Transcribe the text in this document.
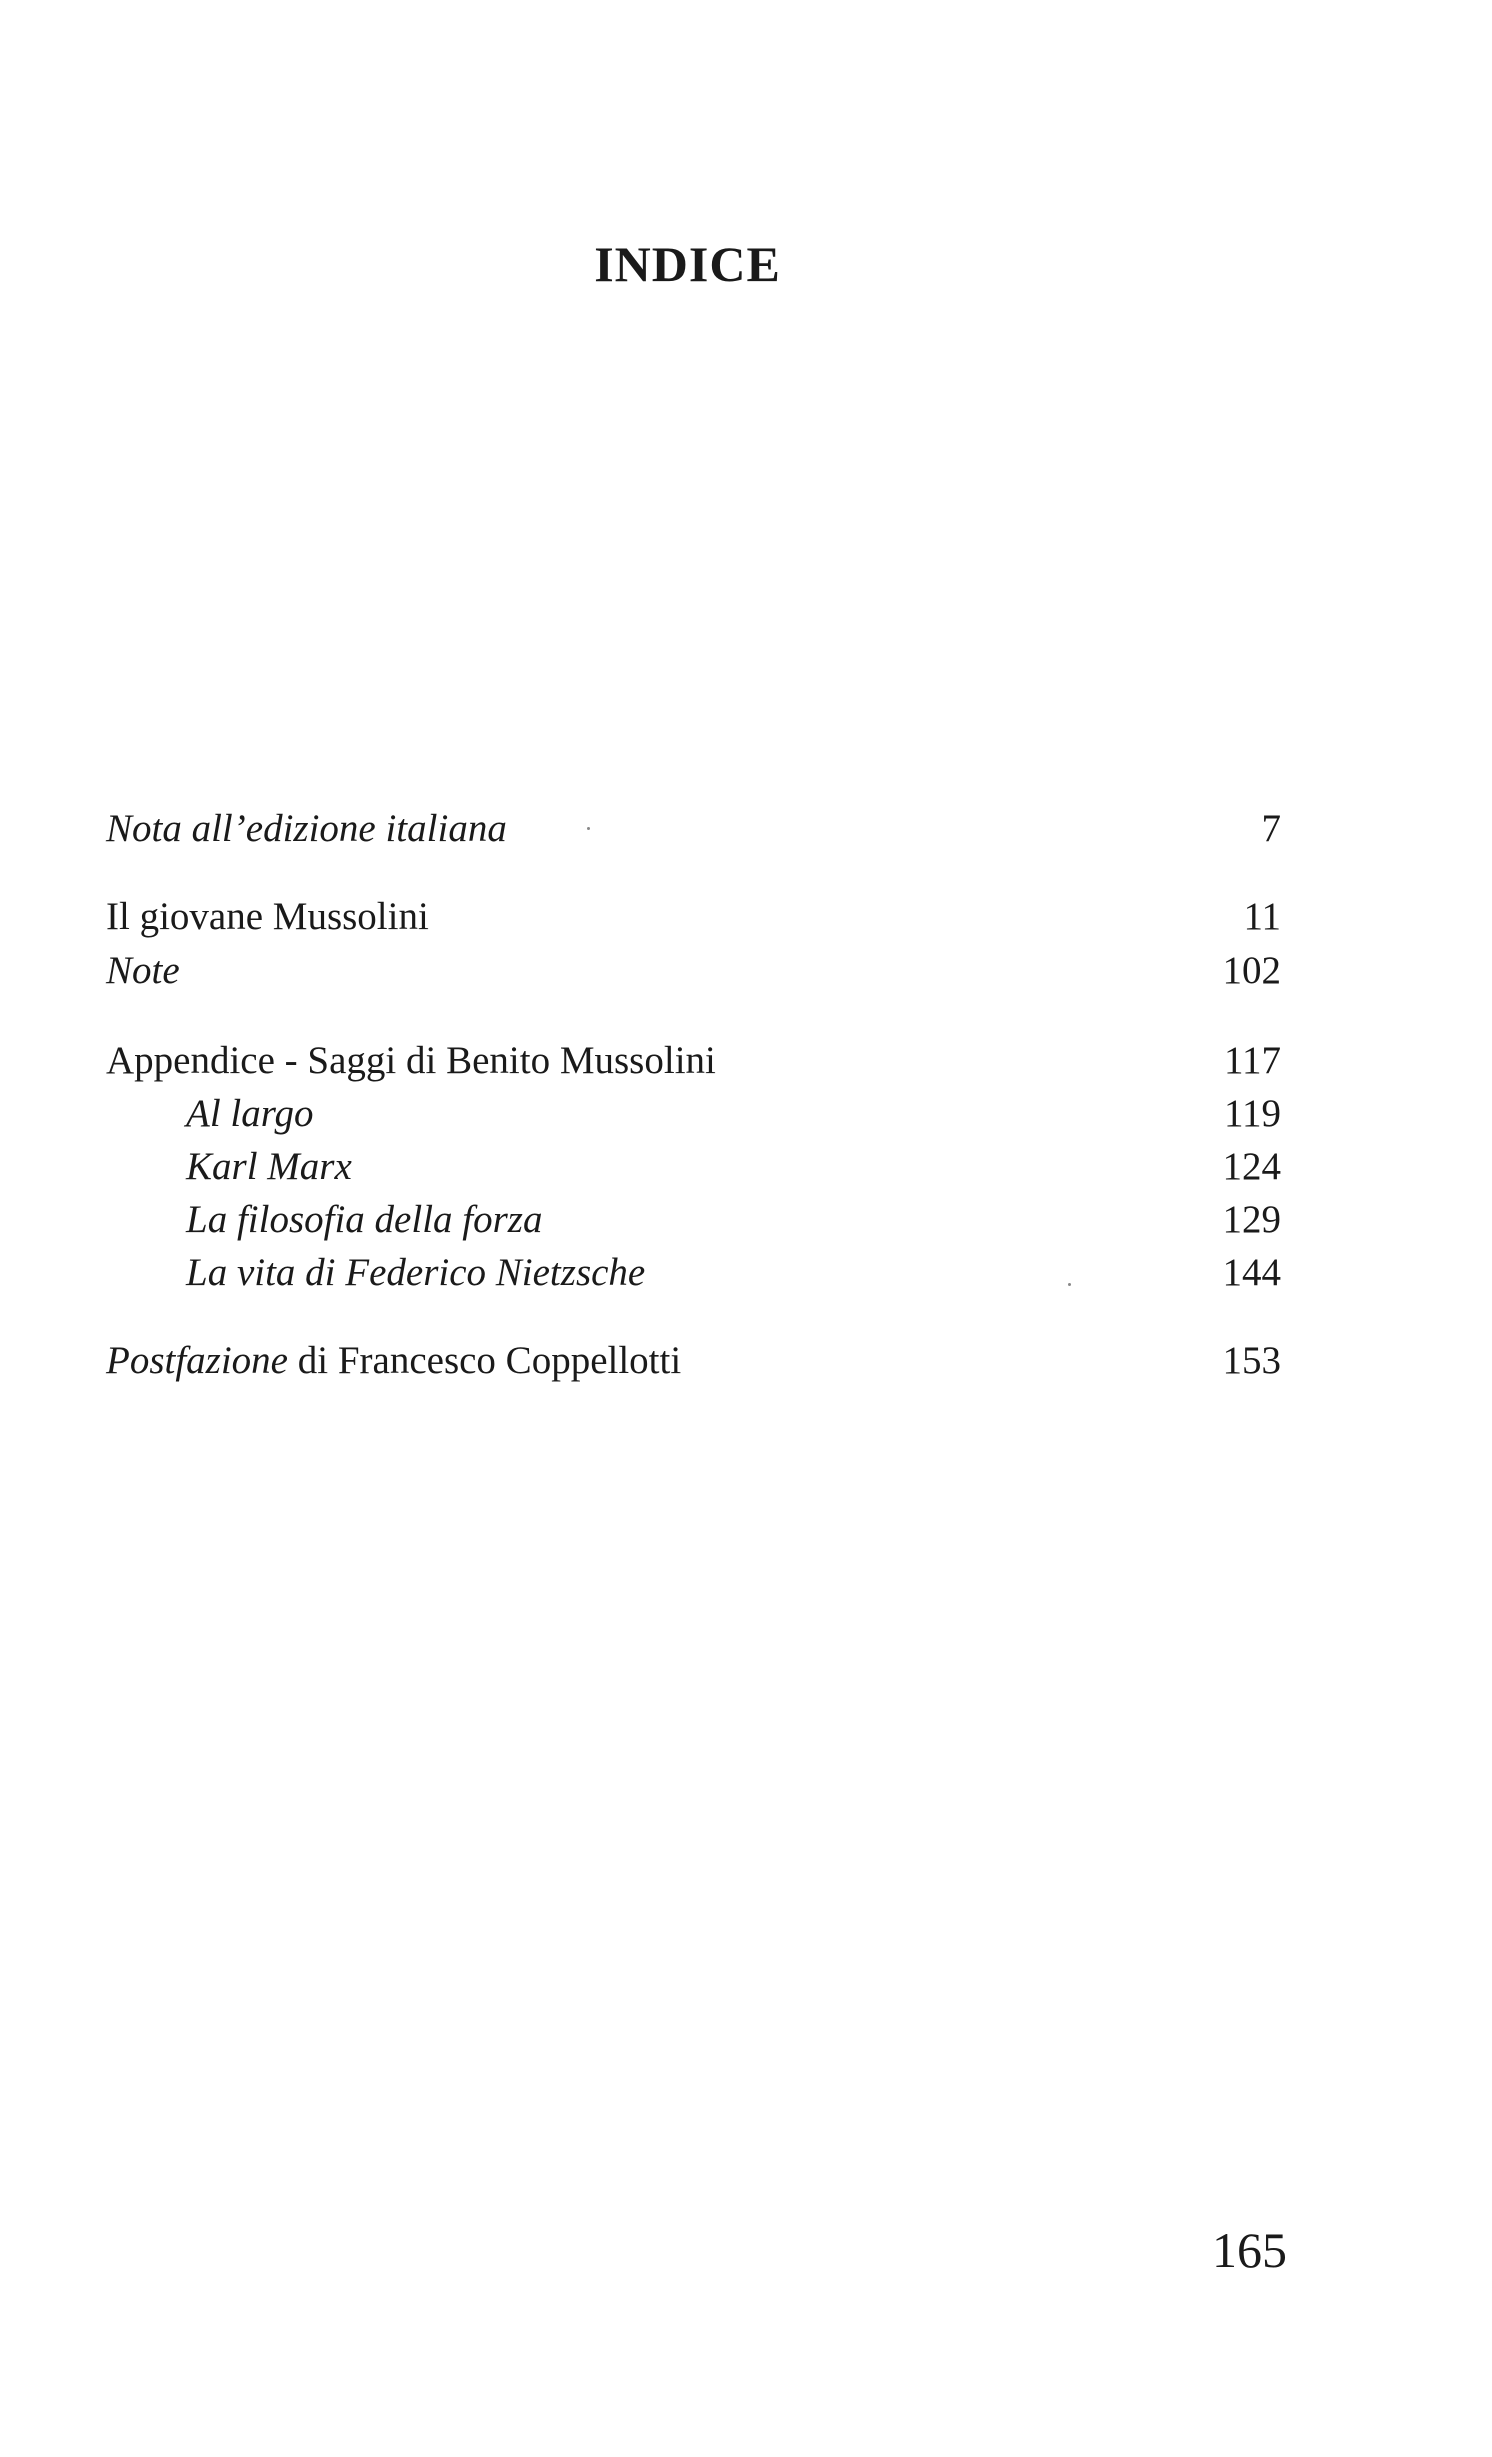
INDICE
Nota all’edizione italiana	7
Il giovane Mussolini	11
Note	102
Appendice - Saggi di Benito Mussolini	117
Al largo	119
Karl Marx	124
La filosofia della forza	129
La vita di Federico Nietzsche	144
Postfazione di Francesco Coppellotti	153
165
